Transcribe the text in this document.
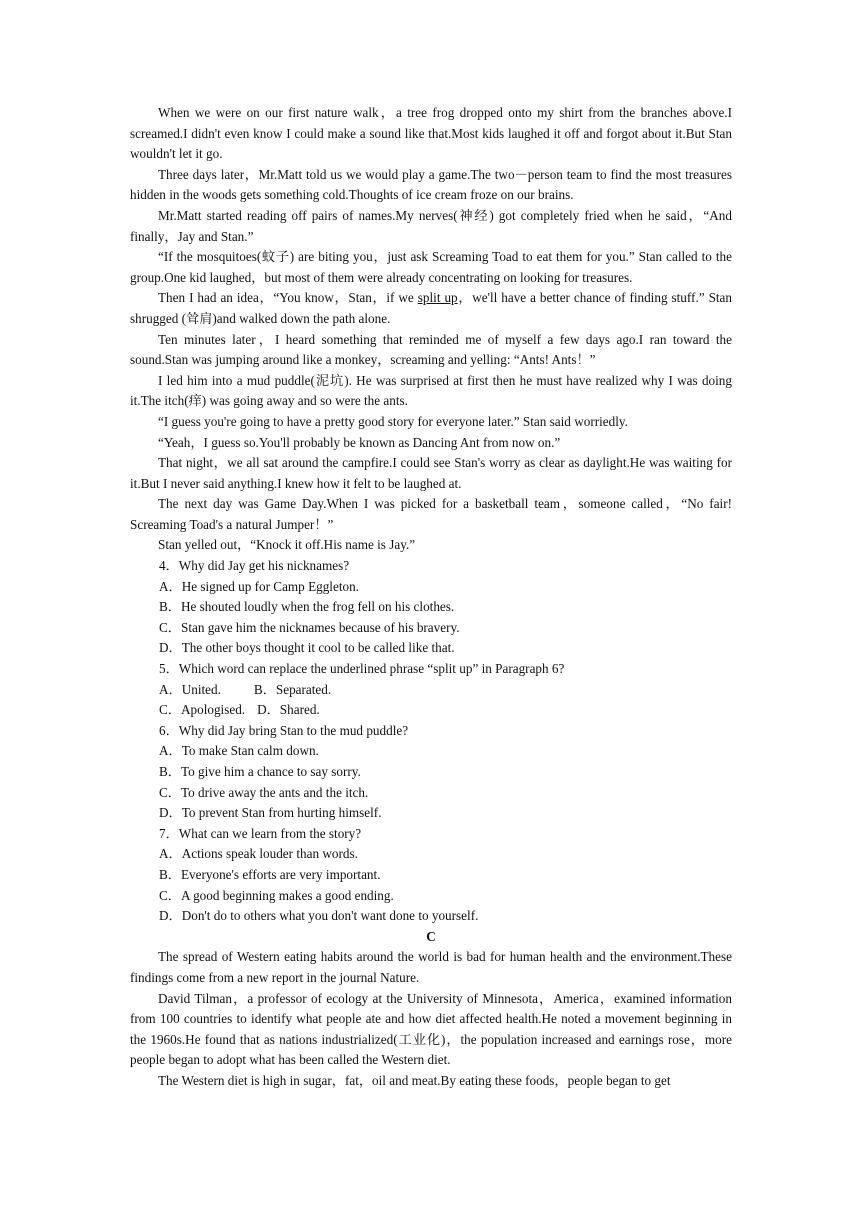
When we were on our first nature walk，a tree frog dropped onto my shirt from the branches above.I screamed.I didn't even know I could make a sound like that.Most kids laughed it off and forgot about it.But Stan wouldn't let it go.

Three days later，Mr.Matt told us we would play a game.The two－person team to find the most treasures hidden in the woods gets something cold.Thoughts of ice cream froze on our brains.

Mr.Matt started reading off pairs of names.My nerves(神经) got completely fried when he said，“And finally，Jay and Stan.”

“If the mosquitoes(蚊子) are biting you，just ask Screaming Toad to eat them for you.” Stan called to the group.One kid laughed，but most of them were already concentrating on looking for treasures.

Then I had an idea，“You know，Stan，if we split up，we'll have a better chance of finding stuff.” Stan shrugged (耸肩)and walked down the path alone.

Ten minutes later，I heard something that reminded me of myself a few days ago.I ran toward the sound.Stan was jumping around like a monkey，screaming and yelling: “Ants! Ants！”

I led him into a mud puddle(泥坑). He was surprised at first then he must have realized why I was doing it.The itch(痒) was going away and so were the ants.

“I guess you're going to have a pretty good story for everyone later.” Stan said worriedly.

“Yeah，I guess so.You'll probably be known as Dancing Ant from now on.”

That night，we all sat around the campfire.I could see Stan's worry as clear as daylight.He was waiting for it.But I never said anything.I knew how it felt to be laughed at.

The next day was Game Day.When I was picked for a basketball team，someone called，“No fair! Screaming Toad's a natural Jumper！”

Stan yelled out，“Knock it off.His name is Jay.”

4．Why did Jay get his nicknames?

A．He signed up for Camp Eggleton.

B．He shouted loudly when the frog fell on his clothes.

C．Stan gave him the nicknames because of his bravery.

D．The other boys thought it cool to be called like that.

5．Which word can replace the underlined phrase “split up” in Paragraph 6?

A．United.	B．Separated.

C．Apologised. D．Shared.

6．Why did Jay bring Stan to the mud puddle?

A．To make Stan calm down.

B．To give him a chance to say sorry.

C．To drive away the ants and the itch.

D．To prevent Stan from hurting himself.

7．What can we learn from the story?

A．Actions speak louder than words.

B．Everyone's efforts are very important.

C．A good beginning makes a good ending.

D．Don't do to others what you don't want done to yourself.

C

The spread of Western eating habits around the world is bad for human health and the environment.These findings come from a new report in the journal Nature.

David Tilman，a professor of ecology at the University of Minnesota，America，examined information from 100 countries to identify what people ate and how diet affected health.He noted a movement beginning in the 1960s.He found that as nations industrialized(工业化)，the population increased and earnings rose，more people began to adopt what has been called the Western diet.

The Western diet is high in sugar，fat，oil and meat.By eating these foods，people began to get
